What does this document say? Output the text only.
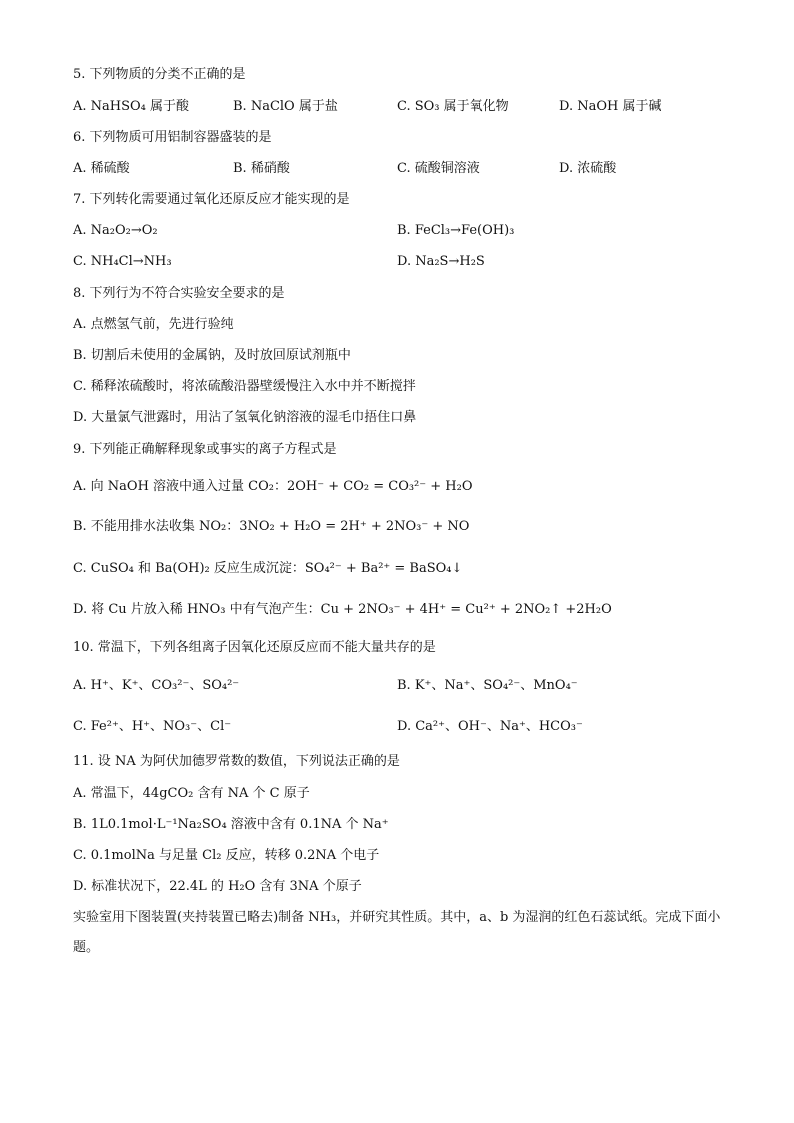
5. 下列物质的分类不正确的是
A. NaHSO₄ 属于酸	B. NaClO 属于盐	C. SO₃ 属于氧化物	D. NaOH 属于碱
6. 下列物质可用铝制容器盛装的是
A. 稀硫酸	B. 稀硝酸	C. 硫酸铜溶液	D. 浓硫酸
7. 下列转化需要通过氧化还原反应才能实现的是
A. Na₂O₂→O₂	B. FeCl₃→Fe(OH)₃
C. NH₄Cl→NH₃	D. Na₂S→H₂S
8. 下列行为不符合实验安全要求的是
A. 点燃氢气前，先进行验纯
B. 切割后未使用的金属钠，及时放回原试剂瓶中
C. 稀释浓硫酸时，将浓硫酸沿器壁缓慢注入水中并不断搅拌
D. 大量氯气泄露时，用沾了氢氧化钠溶液的湿毛巾捂住口鼻
9. 下列能正确解释现象或事实的离子方程式是
A. 向 NaOH 溶液中通入过量 CO₂：2OH⁻ + CO₂ = CO₃²⁻ + H₂O
B. 不能用排水法收集 NO₂：3NO₂ + H₂O = 2H⁺ + 2NO₃⁻ + NO
C. CuSO₄ 和 Ba(OH)₂ 反应生成沉淀：SO₄²⁻ + Ba²⁺ = BaSO₄↓
D. 将 Cu 片放入稀 HNO₃ 中有气泡产生：Cu + 2NO₃⁻ + 4H⁺ = Cu²⁺ + 2NO₂↑ +2H₂O
10. 常温下，下列各组离子因氧化还原反应而不能大量共存的是
A. H⁺、K⁺、CO₃²⁻、SO₄²⁻	B. K⁺、Na⁺、SO₄²⁻、MnO₄⁻
C. Fe²⁺、H⁺、NO₃⁻、Cl⁻	D. Ca²⁺、OH⁻、Na⁺、HCO₃⁻
11. 设 NA 为阿伏加德罗常数的数值，下列说法正确的是
A. 常温下，44gCO₂ 含有 NA 个 C 原子
B. 1L0.1mol·L⁻¹Na₂SO₄ 溶液中含有 0.1NA 个 Na⁺
C. 0.1molNa 与足量 Cl₂ 反应，转移 0.2NA 个电子
D. 标准状况下，22.4L 的 H₂O 含有 3NA 个原子
实验室用下图装置(夹持装置已略去)制备 NH₃，并研究其性质。其中，a、b 为湿润的红色石蕊试纸。完成下面小题。
